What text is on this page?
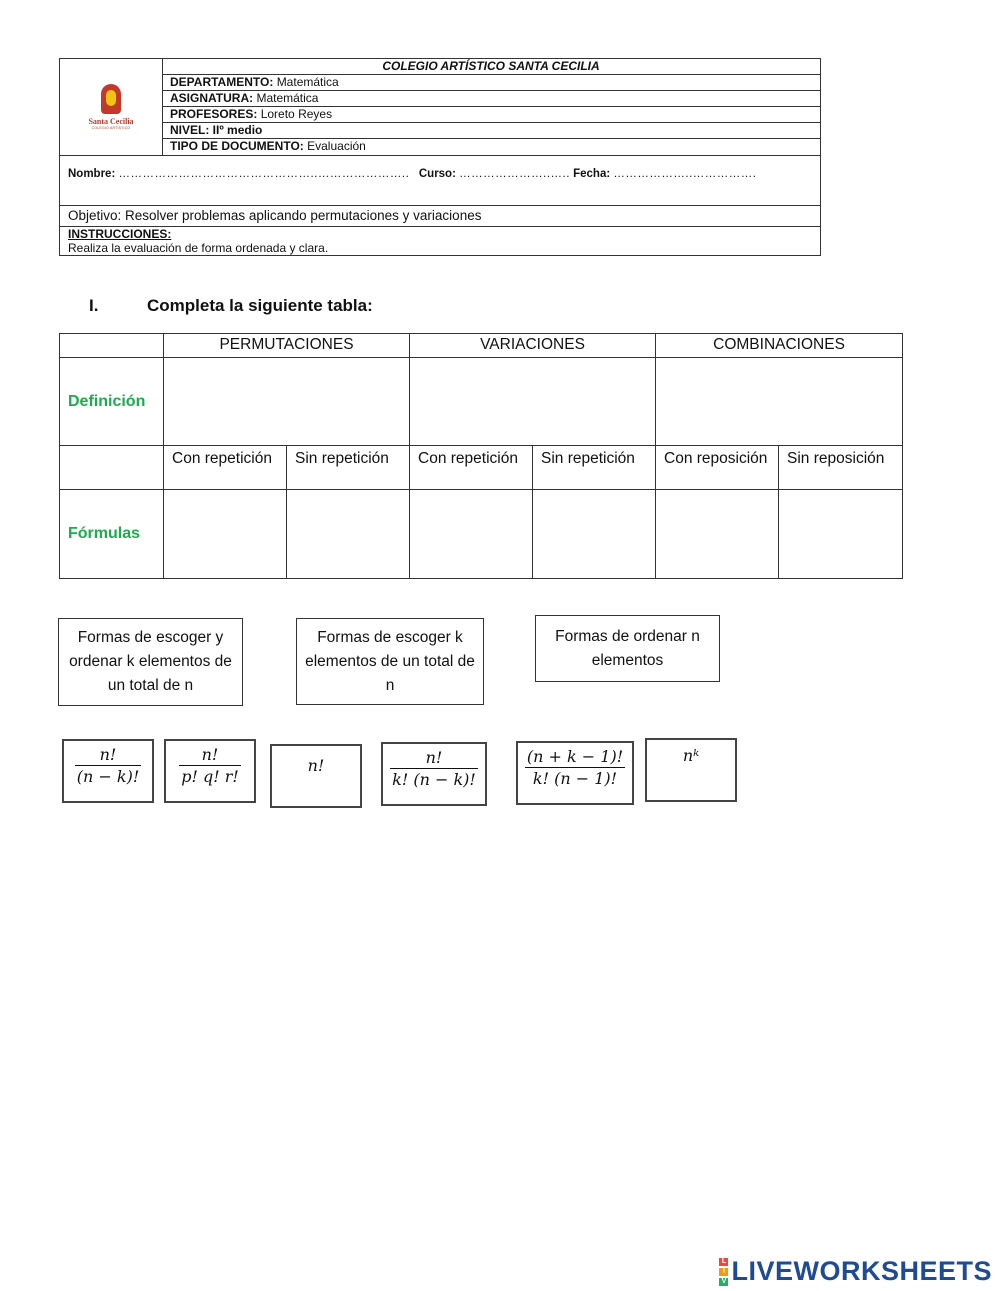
Santa Cecilia
COLEGIO ARTÍSTICO
COLEGIO ARTÍSTICO SANTA CECILIA
DEPARTAMENTO: Matemática
ASIGNATURA: Matemática
PROFESORES: Loreto Reyes
NIVEL: IIº medio
TIPO DE DOCUMENTO: Evaluación
Nombre: …………………………………………..………………….. Curso: …………………..….. Fecha: ………………..…………….
Objetivo: Resolver problemas aplicando permutaciones y variaciones
INSTRUCCIONES:
Realiza la evaluación de forma ordenada y clara.
I.	Completa la siguiente tabla:
	PERMUTACIONES		VARIACIONES		COMBINACIONES	
Definición						
	Con repetición	Sin repetición	Con repetición	Sin repetición	Con reposición	Sin reposición
Fórmulas						
Formas de escoger y ordenar k elementos de un total de n
Formas de escoger k elementos de un total de n
Formas de ordenar n elementos
$\frac{n!}{(n - k)!} \frac{n!}{p! q! r!}$	n!	$\frac{n!}{k! (n - k)!}$	$\frac{(n + k - 1)!}{k! (n - 1)!}$	nᵏ
L
I
V LIVEWORKSHEETS
